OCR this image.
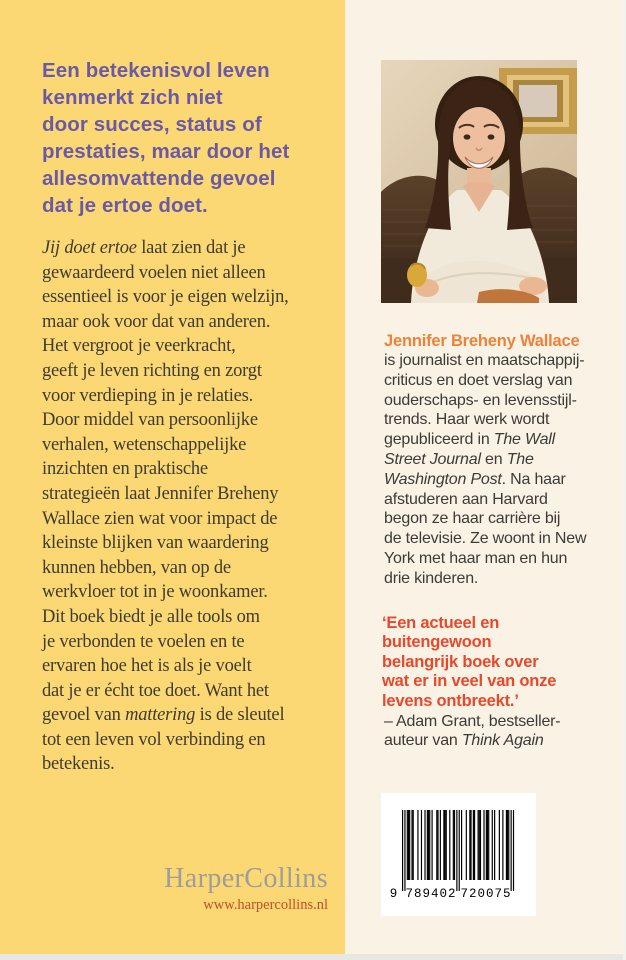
Een betekenisvol leven
kenmerkt zich niet
door succes, status of
prestaties, maar door het
allesomvattende gevoel
dat je ertoe doet.
Jij doet ertoe laat zien dat je
gewaardeerd voelen niet alleen
essentieel is voor je eigen welzijn,
maar ook voor dat van anderen.
Het vergroot je veerkracht,
geeft je leven richting en zorgt
voor verdieping in je relaties.
Door middel van persoonlijke
verhalen, wetenschappelijke
inzichten en praktische
strategieën laat Jennifer Breheny
Wallace zien wat voor impact de
kleinste blijken van waardering
kunnen hebben, van op de
werkvloer tot in je woonkamer.
Dit boek biedt je alle tools om
je verbonden te voelen en te
ervaren hoe het is als je voelt
dat je er écht toe doet. Want het
gevoel van mattering is de sleutel
tot een leven vol verbinding en
betekenis.
HarperCollins
www.harpercollins.nl
Jennifer Breheny Wallace
is journalist en maatschappij-
criticus en doet verslag van
ouderschaps- en levensstijl-
trends. Haar werk wordt
gepubliceerd in The Wall
Street Journal en The
Washington Post. Na haar
afstuderen aan Harvard
begon ze haar carrière bij
de televisie. Ze woont in New
York met haar man en hun
drie kinderen.
‘Een actueel en
buitengewoon
belangrijk boek over
wat er in veel van onze
levens ontbreekt.’
– Adam Grant, bestseller-
auteur van Think Again
9 789402 720075
